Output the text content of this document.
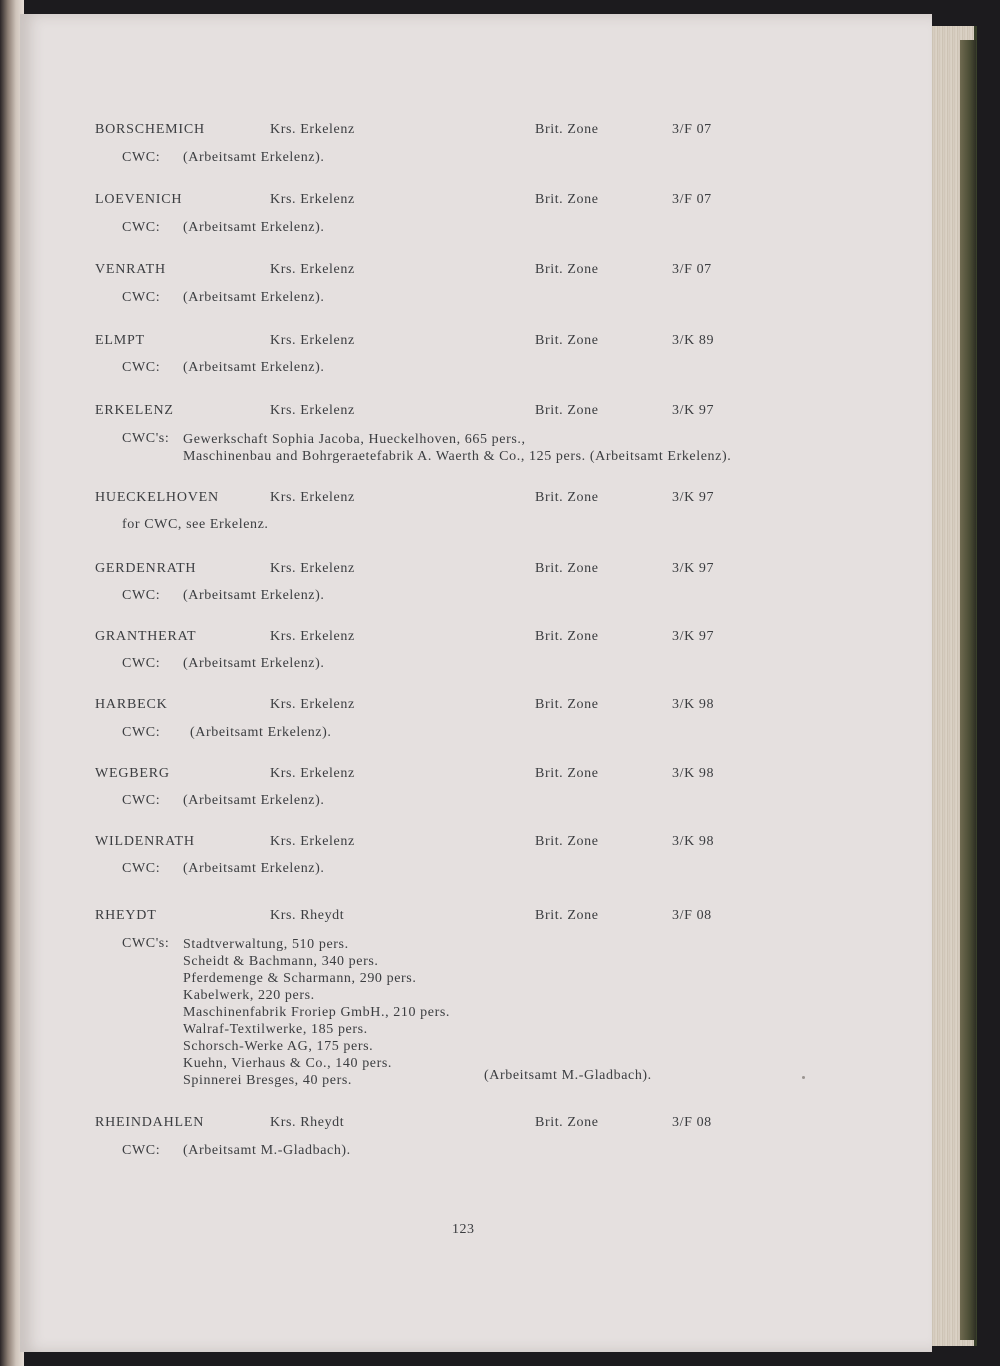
BORSCHEMICH	Krs. Erkelenz	Brit. Zone	3/F 07
CWC: (Arbeitsamt Erkelenz).
LOEVENICH	Krs. Erkelenz	Brit. Zone	3/F 07
CWC: (Arbeitsamt Erkelenz).
VENRATH	Krs. Erkelenz	Brit. Zone	3/F 07
CWC: (Arbeitsamt Erkelenz).
ELMPT	Krs. Erkelenz	Brit. Zone	3/K 89
CWC: (Arbeitsamt Erkelenz).
ERKELENZ	Krs. Erkelenz	Brit. Zone	3/K 97
CWC's: Gewerkschaft Sophia Jacoba, Hueckelhoven, 665 pers.,
Maschinenbau and Bohrgeraetefabrik A. Waerth & Co., 125 pers. (Arbeitsamt Erkelenz).
HUECKELHOVEN	Krs. Erkelenz	Brit. Zone	3/K 97
for CWC, see Erkelenz.
GERDENRATH	Krs. Erkelenz	Brit. Zone	3/K 97
CWC: (Arbeitsamt Erkelenz).
GRANTHERAT	Krs. Erkelenz	Brit. Zone	3/K 97
CWC: (Arbeitsamt Erkelenz).
HARBECK	Krs. Erkelenz	Brit. Zone	3/K 98
CWC: (Arbeitsamt Erkelenz).
WEGBERG	Krs. Erkelenz	Brit. Zone	3/K 98
CWC: (Arbeitsamt Erkelenz).
WILDENRATH	Krs. Erkelenz	Brit. Zone	3/K 98
CWC: (Arbeitsamt Erkelenz).
RHEYDT	Krs. Rheydt	Brit. Zone	3/F 08
CWC's: Stadtverwaltung, 510 pers.
Scheidt & Bachmann, 340 pers.
Pferdemenge & Scharmann, 290 pers.
Kabelwerk, 220 pers.
Maschinenfabrik Froriep GmbH., 210 pers.
Walraf-Textilwerke, 185 pers.
Schorsch-Werke AG, 175 pers.
Kuehn, Vierhaus & Co., 140 pers.
Spinnerei Bresges, 40 pers.	(Arbeitsamt M.-Gladbach).
RHEINDAHLEN	Krs. Rheydt	Brit. Zone	3/F 08
CWC: (Arbeitsamt M.-Gladbach).
123
